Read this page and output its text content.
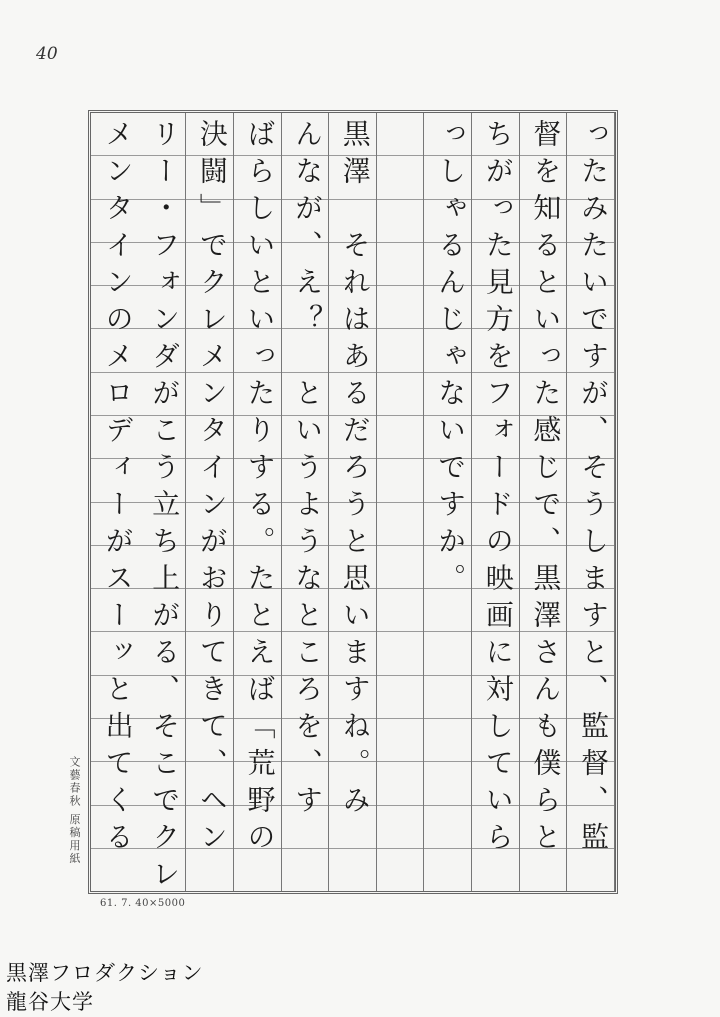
40
ったみたいですが、そうしますと、監督、監
督を知るといった感じで、黒澤さんも僕らと
ちがった見方をフォードの映画に対していら
っしゃるんじゃないですか。
黒澤　それはあるだろうと思いますね。み
んなが、え？　というようなところを、す
ばらしいといったりする。たとえば「荒野の
決闘」でクレメンタインがおりてきて、ヘン
リー・フォンダがこう立ち上がる、そこでクレ
メンタインのメロディーがスーッと出てくる
文藝春秋 原稿用紙
61. 7. 40×5000
黒澤フロダクション
龍谷大学
